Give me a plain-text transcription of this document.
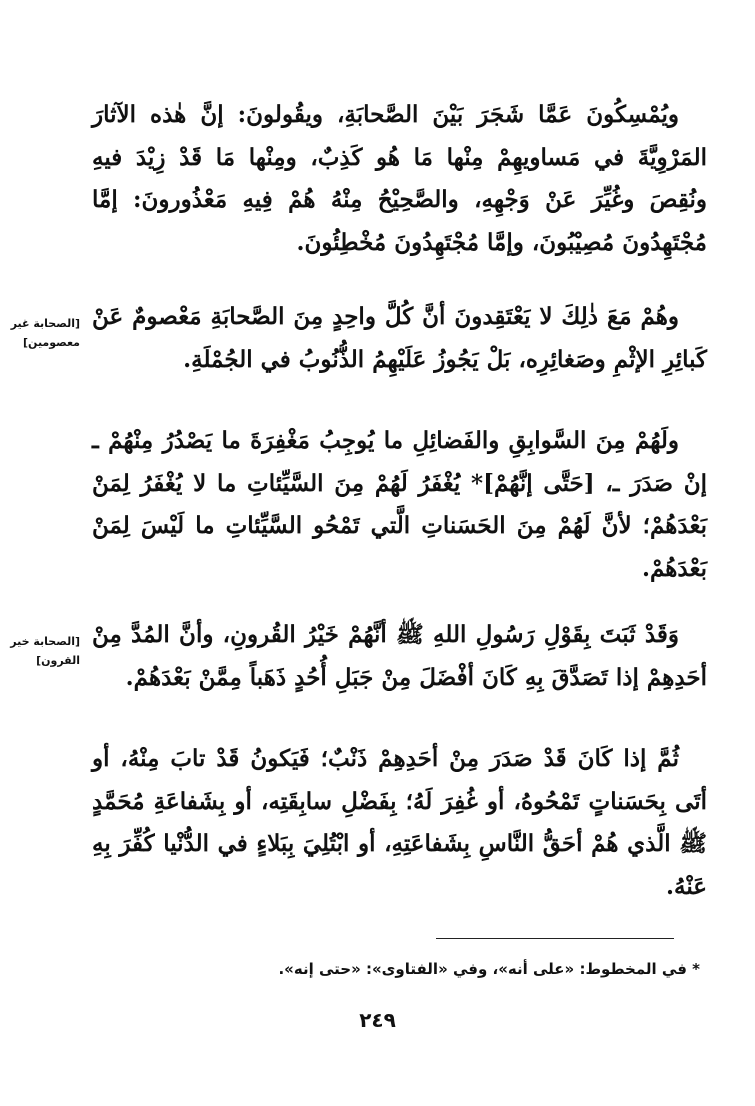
ويُمْسِكُونَ عَمَّا شَجَرَ بَيْنَ الصَّحابَةِ، ويقُولونَ: إنَّ هٰذه الآثارَ المَرْوِيَّةَ في مَساويهِمْ مِنْها مَا هُو كَذِبٌ، ومِنْها مَا قَدْ زِيْدَ فيهِ ونُقِصَ وغُيِّرَ عَنْ وَجْهِهِ، والصَّحِيْحُ مِنْهُ هُمْ فِيهِ مَعْذُورونَ: إمَّا مُجْتَهِدُونَ مُصِيْبُونَ، وإمَّا مُجْتَهِدُونَ مُخْطِئُونَ.

[الصحابة غير معصومين]

وهُمْ مَعَ ذٰلِكَ لا يَعْتَقِدونَ أنَّ كُلَّ واحِدٍ مِنَ الصَّحابَةِ مَعْصومٌ عَنْ كَبائِرِ الإثْمِ وصَغائِرِه، بَلْ يَجُوزُ عَلَيْهِمُ الذُّنُوبُ في الجُمْلَةِ.

ولَهُمْ مِنَ السَّوابِقِ والفَضائِلِ ما يُوجِبُ مَغْفِرَةَ ما يَصْدُرُ مِنْهُمْ ـ إنْ صَدَرَ ـ، [حَتَّى إنَّهُمْ]* يُغْفَرُ لَهُمْ مِنَ السَّيِّئاتِ ما لا يُغْفَرُ لِمَنْ بَعْدَهُمْ؛ لأنَّ لَهُمْ مِنَ الحَسَناتِ الَّتي تَمْحُو السَّيِّئاتِ ما لَيْسَ لِمَنْ بَعْدَهُمْ.

[الصحابة خير القرون]

وَقَدْ ثَبَتَ بِقَوْلِ رَسُولِ اللهِ ﷺ أنَّهُمْ خَيْرُ القُرونِ، وأنَّ المُدَّ مِنْ أحَدِهِمْ إذا تَصَدَّقَ بِهِ كَانَ أفْضَلَ مِنْ جَبَلِ أُحُدٍ ذَهَباً مِمَّنْ بَعْدَهُمْ.

ثُمَّ إذا كَانَ قَدْ صَدَرَ مِنْ أحَدِهِمْ ذَنْبٌ؛ فَيَكونُ قَدْ تابَ مِنْهُ، أو أتَى بِحَسَناتٍ تَمْحُوهُ، أو غُفِرَ لَهُ؛ بِفَضْلِ سابِقَتِه، أو بِشَفاعَةِ مُحَمَّدٍ ﷺ الَّذي هُمْ أحَقُّ النَّاسِ بِشَفاعَتِهِ، أو ابْتُلِيَ بِبَلاءٍ في الدُّنْيا كُفِّرَ بِهِ عَنْهُ.

* في المخطوط: «على أنه»، وفي «الفتاوى»: «حتى إنه».
٢٤٩
